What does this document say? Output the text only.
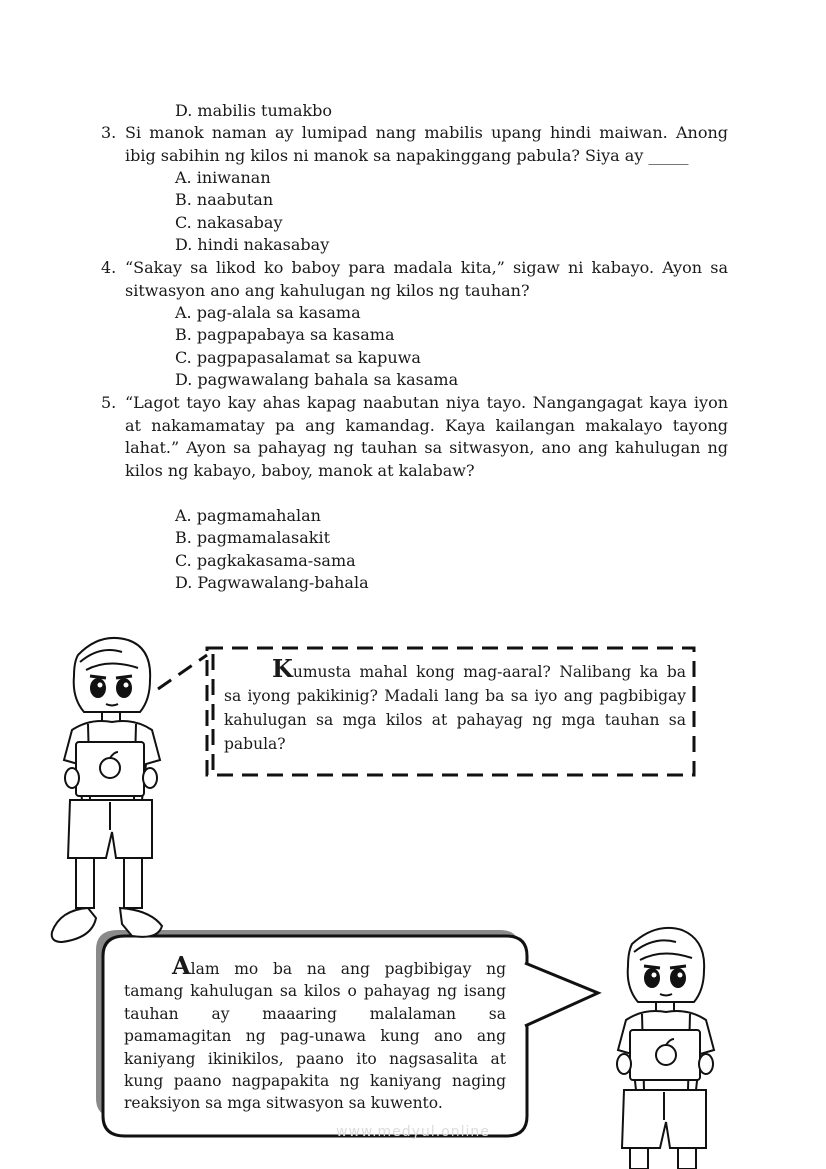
D. mabilis tumakbo
3. Si manok naman ay lumipad nang mabilis upang hindi maiwan. Anong ibig sabihin ng kilos ni manok sa napakinggang pabula? Siya ay _____
A. iniwanan
B. naabutan
C. nakasabay
D. hindi nakasabay
4. “Sakay sa likod ko baboy para madala kita,” sigaw ni kabayo. Ayon sa sitwasyon ano ang kahulugan ng kilos ng tauhan?
A. pag-alala sa kasama
B. pagpapabaya sa kasama
C. pagpapasalamat sa kapuwa
D. pagwawalang bahala sa kasama
5. “Lagot tayo kay ahas kapag naabutan niya tayo. Nangangagat kaya iyon at nakamamatay pa ang kamandag. Kaya kailangan makalayo tayong lahat.” Ayon sa pahayag ng tauhan sa sitwasyon, ano ang kahulugan ng kilos ng kabayo, baboy, manok at kalabaw?
A. pagmamahalan
B. pagmamalasakit
C. pagkakasama-sama
D. Pagwawalang-bahala
Kumusta mahal kong mag-aaral? Nalibang ka ba sa iyong pakikinig? Madali lang ba sa iyo ang pagbibigay kahulugan sa mga kilos at pahayag ng mga tauhan sa pabula?
Alam mo ba na ang pagbibigay ng tamang kahulugan sa kilos o pahayag ng isang tauhan ay maaaring malalaman sa pamamagitan ng pag-unawa kung ano ang kaniyang ikinikilos, paano ito nagsasalita at kung paano nagpapakita ng kaniyang naging reaksiyon sa mga sitwasyon sa kuwento.
www.medyul.online
